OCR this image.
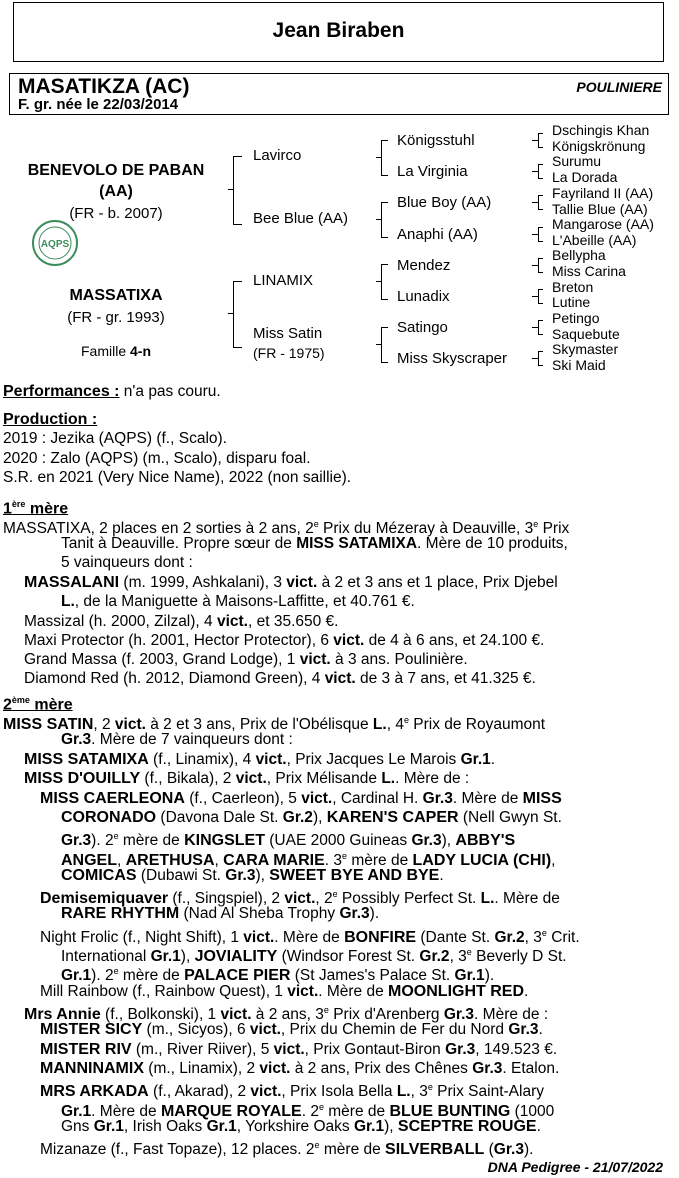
Jean Biraben
MASATIKZA (AC)
F. gr. née le 22/03/2014
POULINIERE
BENEVOLO DE PABAN
(AA)
(FR - b. 2007)
AQPS
MASSATIXA
(FR - gr. 1993)
Famille 4-n
Lavirco
Bee Blue (AA)
LINAMIX
Miss Satin
(FR - 1975)
Königsstuhl
La Virginia
Blue Boy (AA)
Anaphi (AA)
Mendez
Lunadix
Satingo
Miss Skyscraper
Dschingis Khan
Königskrönung
Surumu
La Dorada
Fayriland II (AA)
Tallie Blue (AA)
Mangarose (AA)
L'Abeille (AA)
Bellypha
Miss Carina
Breton
Lutine
Petingo
Saquebute
Skymaster
Ski Maid
Performances : n'a pas couru.
Production :
2019 : Jezika (AQPS) (f., Scalo).
2020 : Zalo (AQPS) (m., Scalo), disparu foal.
S.R. en 2021 (Very Nice Name), 2022 (non saillie).
1ère mère
MASSATIXA, 2 places en 2 sorties à 2 ans, 2e Prix du Mézeray à Deauville, 3e Prix
Tanit à Deauville. Propre sœur de MISS SATAMIXA. Mère de 10 produits,
5 vainqueurs dont :
MASSALANI (m. 1999, Ashkalani), 3 vict. à 2 et 3 ans et 1 place, Prix Djebel
L., de la Maniguette à Maisons-Laffitte, et 40.761 €.
Massizal (h. 2000, Zilzal), 4 vict., et 35.650 €.
Maxi Protector (h. 2001, Hector Protector), 6 vict. de 4 à 6 ans, et 24.100 €.
Grand Massa (f. 2003, Grand Lodge), 1 vict. à 3 ans. Poulinière.
Diamond Red (h. 2012, Diamond Green), 4 vict. de 3 à 7 ans, et 41.325 €.
2ème mère
MISS SATIN, 2 vict. à 2 et 3 ans, Prix de l'Obélisque L., 4e Prix de Royaumont
Gr.3. Mère de 7 vainqueurs dont :
MISS SATAMIXA (f., Linamix), 4 vict., Prix Jacques Le Marois Gr.1.
MISS D'OUILLY (f., Bikala), 2 vict., Prix Mélisande L.. Mère de :
MISS CAERLEONA (f., Caerleon), 5 vict., Cardinal H. Gr.3. Mère de MISS
CORONADO (Davona Dale St. Gr.2), KAREN'S CAPER (Nell Gwyn St.
Gr.3). 2e mère de KINGSLET (UAE 2000 Guineas Gr.3), ABBY'S
ANGEL, ARETHUSA, CARA MARIE. 3e mère de LADY LUCIA (CHI),
COMICAS (Dubawi St. Gr.3), SWEET BYE AND BYE.
Demisemiquaver (f., Singspiel), 2 vict., 2e Possibly Perfect St. L.. Mère de
RARE RHYTHM (Nad Al Sheba Trophy Gr.3).
Night Frolic (f., Night Shift), 1 vict.. Mère de BONFIRE (Dante St. Gr.2, 3e Crit.
International Gr.1), JOVIALITY (Windsor Forest St. Gr.2, 3e Beverly D St.
Gr.1). 2e mère de PALACE PIER (St James's Palace St. Gr.1).
Mill Rainbow (f., Rainbow Quest), 1 vict.. Mère de MOONLIGHT RED.
Mrs Annie (f., Bolkonski), 1 vict. à 2 ans, 3e Prix d'Arenberg Gr.3. Mère de :
MISTER SICY (m., Sicyos), 6 vict., Prix du Chemin de Fer du Nord Gr.3.
MISTER RIV (m., River Riiver), 5 vict., Prix Gontaut-Biron Gr.3, 149.523 €.
MANNINAMIX (m., Linamix), 2 vict. à 2 ans, Prix des Chênes Gr.3. Etalon.
MRS ARKADA (f., Akarad), 2 vict., Prix Isola Bella L., 3e Prix Saint-Alary
Gr.1. Mère de MARQUE ROYALE. 2e mère de BLUE BUNTING (1000
Gns Gr.1, Irish Oaks Gr.1, Yorkshire Oaks Gr.1), SCEPTRE ROUGE.
Mizanaze (f., Fast Topaze), 12 places. 2e mère de SILVERBALL (Gr.3).
DNA Pedigree - 21/07/2022
